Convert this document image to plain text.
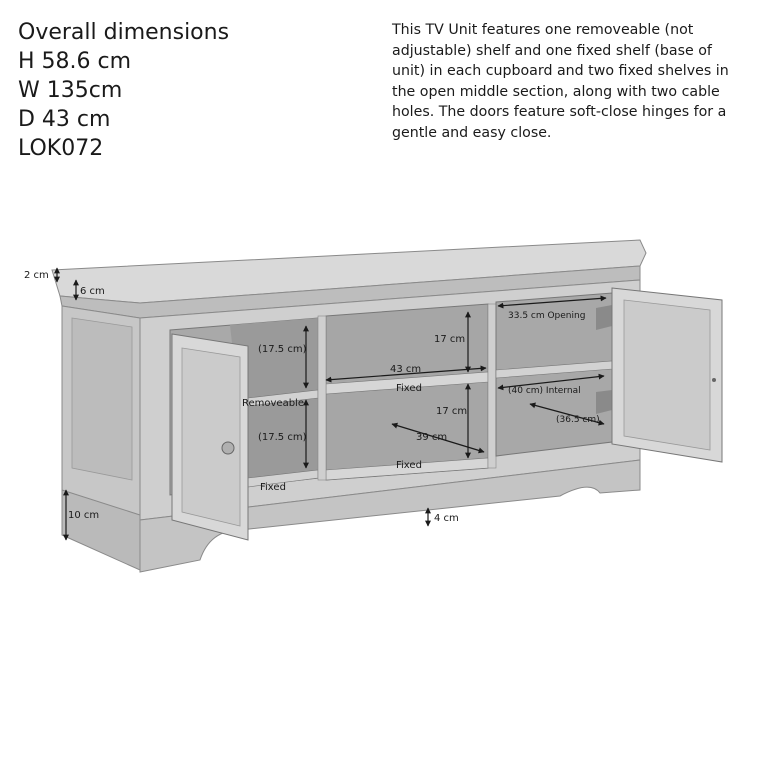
Overall dimensions
H 58.6 cm
W 135cm
D 43 cm
LOK072
This TV Unit features one removeable (not adjustable) shelf and one fixed shelf (base of unit) in each cupboard and two fixed shelves in the open middle section, along with two cable holes. The doors feature soft-close hinges for a gentle and easy close.
2 cm
6 cm
10 cm	4 cm
(17.5 cm)
Removeable
(17.5 cm)
Fixed
17 cm
43 cm
Fixed
17 cm
39 cm
Fixed
33.5 cm Opening
(40 cm) Internal
(36.5 cm)
